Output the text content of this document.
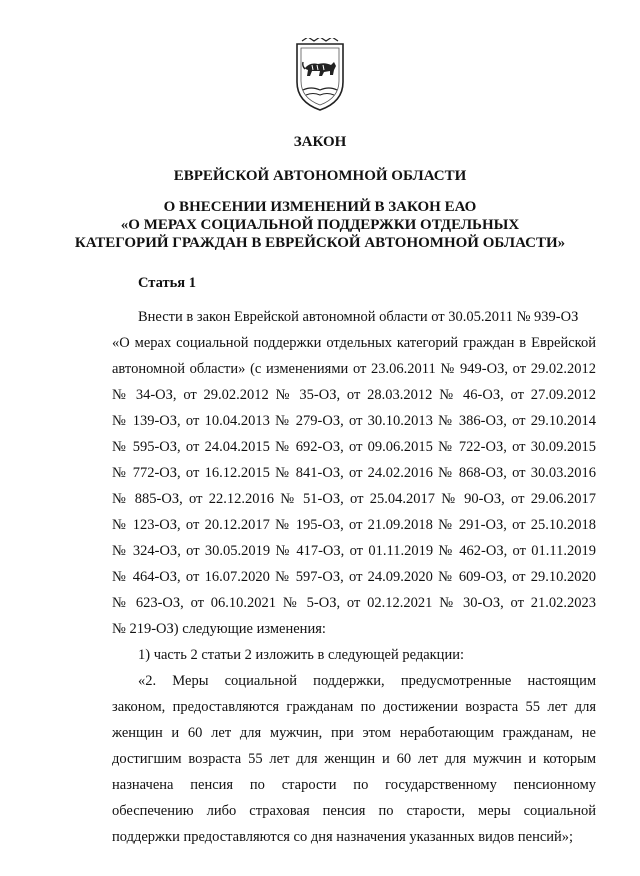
ЗАКОН
ЕВРЕЙСКОЙ АВТОНОМНОЙ ОБЛАСТИ
О ВНЕСЕНИИ ИЗМЕНЕНИЙ В ЗАКОН ЕАО
«О МЕРАХ СОЦИАЛЬНОЙ ПОДДЕРЖКИ ОТДЕЛЬНЫХ
КАТЕГОРИЙ ГРАЖДАН В ЕВРЕЙСКОЙ АВТОНОМНОЙ ОБЛАСТИ»
Статья 1
Внести в закон Еврейской автономной области от 30.05.2011 № 939-ОЗ
«О мерах социальной поддержки отдельных категорий граждан в Еврейской
автономной области» (с изменениями от 23.06.2011 № 949-ОЗ, от 29.02.2012
№ 34-ОЗ, от 29.02.2012 № 35-ОЗ, от 28.03.2012 № 46-ОЗ, от 27.09.2012
№ 139-ОЗ, от 10.04.2013 № 279-ОЗ, от 30.10.2013 № 386-ОЗ, от 29.10.2014
№ 595-ОЗ, от 24.04.2015 № 692-ОЗ, от 09.06.2015 № 722-ОЗ, от 30.09.2015
№ 772-ОЗ, от 16.12.2015 № 841-ОЗ, от 24.02.2016 № 868-ОЗ, от 30.03.2016
№ 885-ОЗ, от 22.12.2016 № 51-ОЗ, от 25.04.2017 № 90-ОЗ, от 29.06.2017
№ 123-ОЗ, от 20.12.2017 № 195-ОЗ, от 21.09.2018 № 291-ОЗ, от 25.10.2018
№ 324-ОЗ, от 30.05.2019 № 417-ОЗ, от 01.11.2019 № 462-ОЗ, от 01.11.2019
№ 464-ОЗ, от 16.07.2020 № 597-ОЗ, от 24.09.2020 № 609-ОЗ, от 29.10.2020
№ 623-ОЗ, от 06.10.2021 № 5-ОЗ, от 02.12.2021 № 30-ОЗ, от 21.02.2023
№ 219-ОЗ) следующие изменения:
1) часть 2 статьи 2 изложить в следующей редакции:
«2. Меры социальной поддержки, предусмотренные настоящим
законом, предоставляются гражданам по достижении возраста 55 лет для
женщин и 60 лет для мужчин, при этом неработающим гражданам, не
достигшим возраста 55 лет для женщин и 60 лет для мужчин и которым
назначена пенсия по старости по государственному пенсионному
обеспечению либо страховая пенсия по старости, меры социальной
поддержки предоставляются со дня назначения указанных видов пенсий»;
